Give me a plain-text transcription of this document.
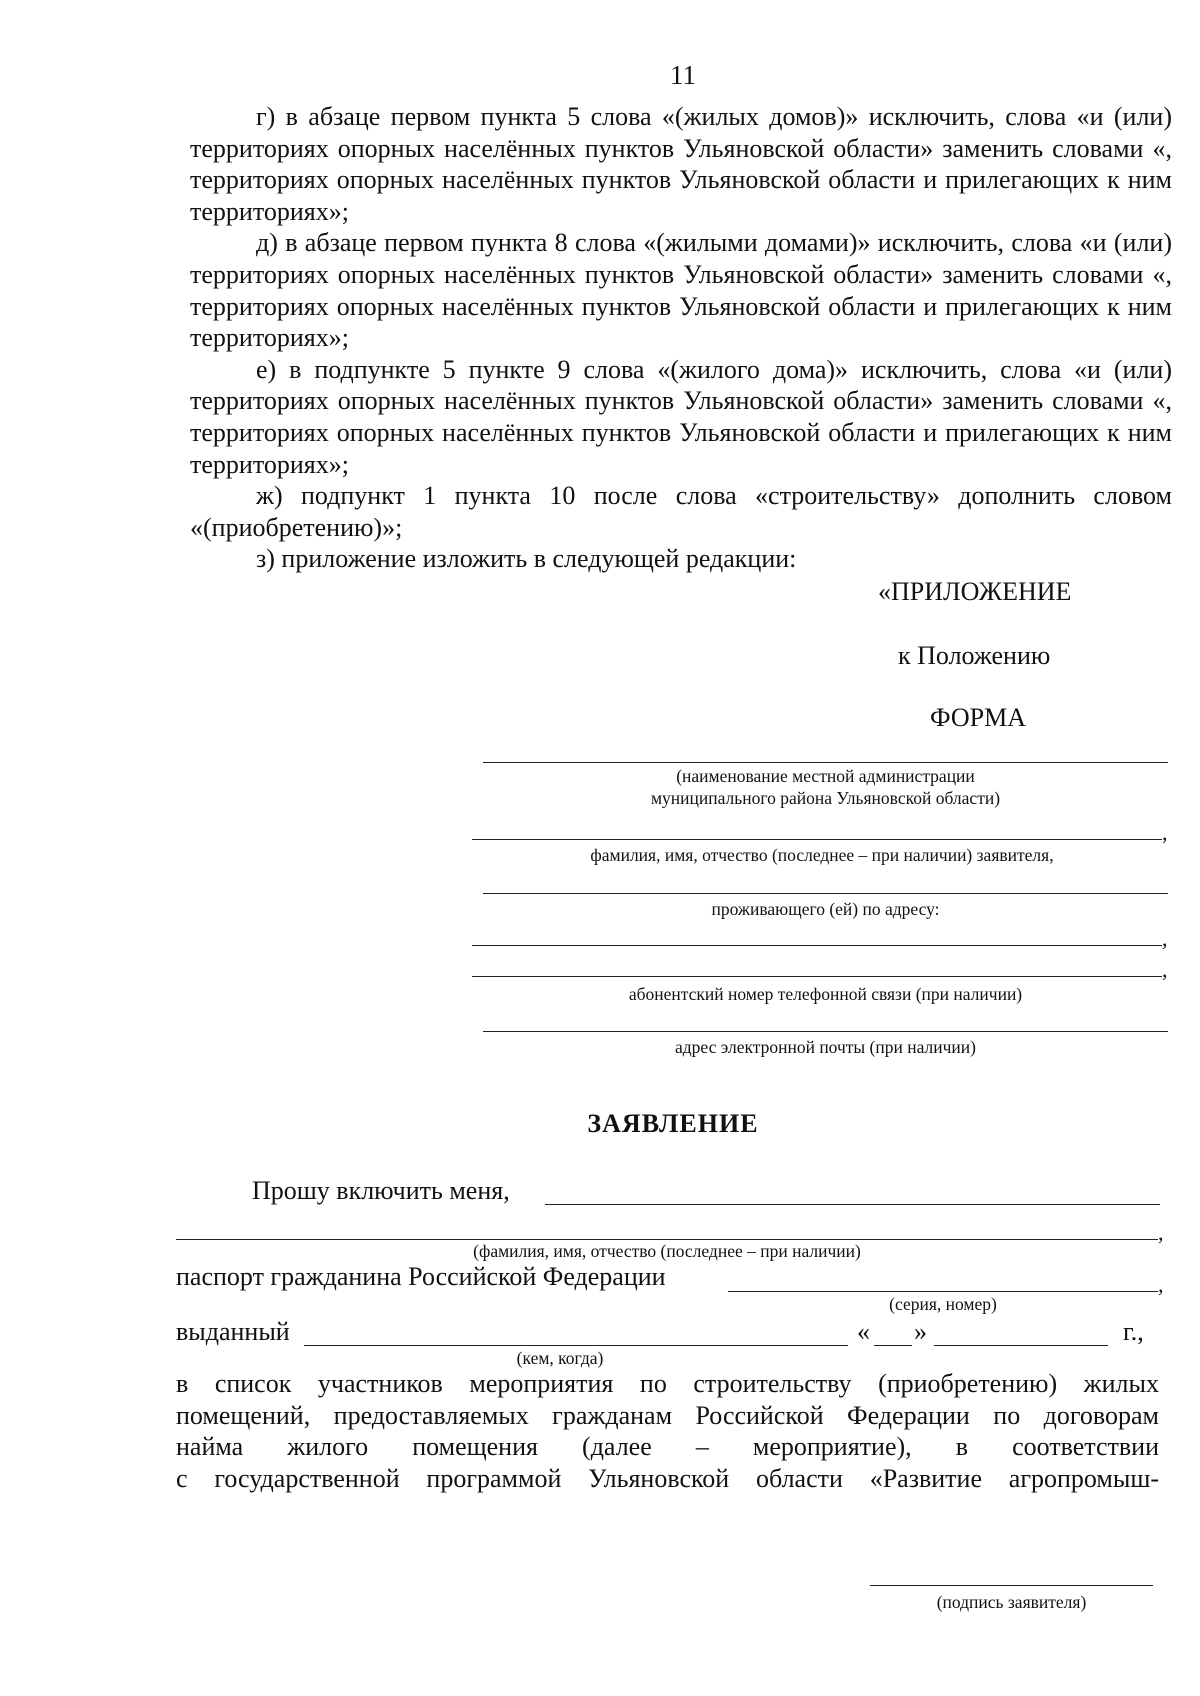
11

г) в абзаце первом пункта 5 слова «(жилых домов)» исключить, слова «и (или) территориях опорных населённых пунктов Ульяновской области» заменить словами «, территориях опорных населённых пунктов Ульяновской области и прилегающих к ним территориях»;

д) в абзаце первом пункта 8 слова «(жилыми домами)» исключить, слова «и (или) территориях опорных населённых пунктов Ульяновской области» заменить словами «, территориях опорных населённых пунктов Ульяновской области и прилегающих к ним территориях»;

е) в подпункте 5 пункте 9 слова «(жилого дома)» исключить, слова «и (или) территориях опорных населённых пунктов Ульяновской области» заменить словами «, территориях опорных населённых пунктов Ульяновской области и прилегающих к ним территориях»;

ж) подпункт 1 пункта 10 после слова «строительству» дополнить словом «(приобретению)»;

з) приложение изложить в следующей редакции:

«ПРИЛОЖЕНИЕ
к Положению
ФОРМА
(наименование местной администрации
муниципального района Ульяновской области)
,
фамилия, имя, отчество (последнее – при наличии) заявителя,
проживающего (ей) по адресу:
,
,
абонентский номер телефонной связи (при наличии)
адрес электронной почты (при наличии)
ЗАЯВЛЕНИЕ
Прошу включить меня,
,
(фамилия, имя, отчество (последнее – при наличии)
паспорт гражданина Российской Федерации	,
(серия, номер)
выданный	« »	г.,
(кем, когда)
в список участников мероприятия по строительству (приобретению) жилых
помещений, предоставляемых гражданам Российской Федерации по договорам
найма жилого помещения (далее – мероприятие), в соответствии
с государственной программой Ульяновской области «Развитие агропромыш-
(подпись заявителя)
